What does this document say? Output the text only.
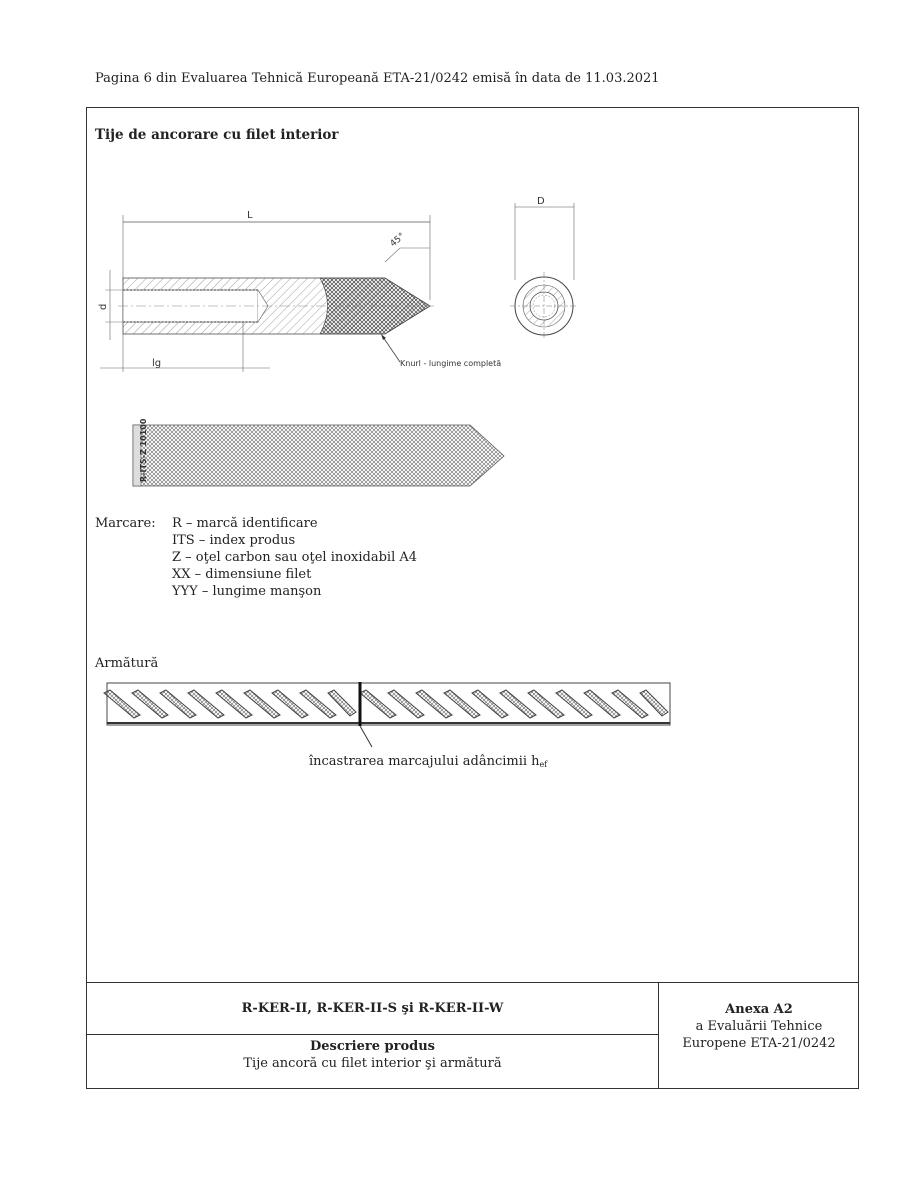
Pagina 6 din Evaluarea Tehnică Europeană ETA-21/0242 emisă în data de 11.03.2021
Tije de ancorare cu filet interior
L
45°
d
lg	Knurl - lungime completă
D
R-ITS-Z 10100
Marcare:	R – marcă identificare
ITS – index produs
Z – oţel carbon sau oţel inoxidabil A4
XX – dimensiune filet
YYY – lungime manşon
Armătură
încastrarea marcajului adâncimii $h_{ef}$
R-KER-II, R-KER-II-S şi R-KER-II-W
Descriere produs
Tije ancoră cu filet interior şi armătură
Anexa A2
a Evaluării Tehnice
Europene ETA-21/0242
